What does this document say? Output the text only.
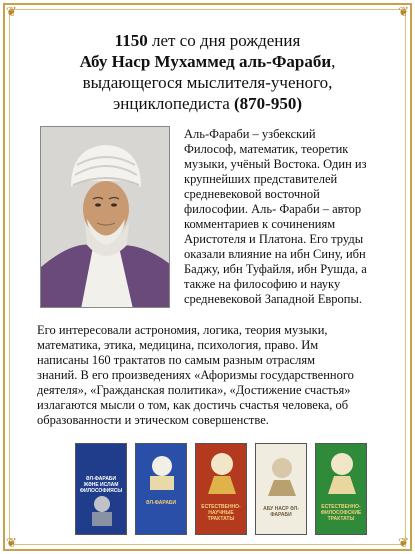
❦	❦
❦	❦
1150 лет со дня рождения
Абу Наср Мухаммед аль-Фараби,
выдающегося мыслителя-ученого,
энциклопедиста (870-950)
Аль-Фараби – узбекский
Философ, математик, теоретик
музыки, учёный Востока. Один из
крупнейших представителей
средневековой восточной
философии. Аль- Фараби – автор
комментариев к сочинениям
Аристотеля и Платона. Его труды
оказали влияние на ибн Сину, ибн
Баджу, ибн Туфайля, ибн Рушда, а
также на философию и науку
средневековой Западной Европы.
Его интересовали астрономия, логика, теория музыки,
математика, этика, медицина, психология, право. Им
написаны 160 трактатов по самым разным отраслям
знаний. В его произведениях «Афоризмы государственного
деятеля», «Гражданская политика», «Достижение счастья»
излагаются мысли о том, как достичь счастья человека, об
образованности и этическом совершенстве.
ӘЛ-ФАРАБИ ЖӘНЕ ИСЛАМ ФИЛОСОФИЯСЫ
ӘЛ-ФАРАБИ
ЕСТЕСТВЕННО-НАУЧНЫЕ ТРАКТАТЫ
АБУ НАСР ӘЛ-ФАРАБИ
ЕСТЕСТВЕННО-ФИЛОСОФСКИЕ ТРАКТАТЫ
